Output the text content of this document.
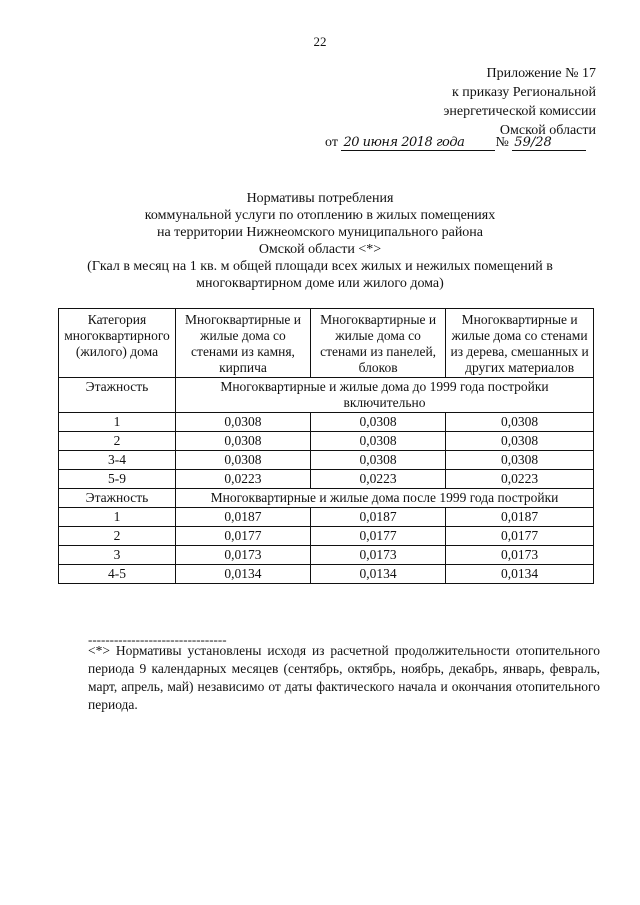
22
Приложение № 17
к приказу Региональной
энергетической комиссии
Омской области
от 20 июня 2018 года № 59/28
Нормативы потребления
коммунальной услуги по отоплению в жилых помещениях
на территории Нижнеомского муниципального района
Омской области <*>
(Гкал в месяц на 1 кв. м общей площади всех жилых и нежилых помещений в
многоквартирном доме или жилого дома)
Категория многоквартирного (жилого) дома	Многоквартирные и жилые дома со стенами из камня, кирпича	Многоквартирные и жилые дома со стенами из панелей, блоков	Многоквартирные и жилые дома со стенами из дерева, смешанных и других материалов
Этажность	Многоквартирные и жилые дома до 1999 года постройки включительно		
1	0,0308	0,0308	0,0308
2	0,0308	0,0308	0,0308
3-4	0,0308	0,0308	0,0308
5-9	0,0223	0,0223	0,0223
Этажность	Многоквартирные и жилые дома после 1999 года постройки		
1	0,0187	0,0187	0,0187
2	0,0177	0,0177	0,0177
3	0,0173	0,0173	0,0173
4-5	0,0134	0,0134	0,0134
--------------------------------
<*> Нормативы установлены исходя из расчетной продолжительности отопительного периода 9 календарных месяцев (сентябрь, октябрь, ноябрь, декабрь, январь, февраль, март, апрель, май) независимо от даты фактического начала и окончания отопительного периода.
